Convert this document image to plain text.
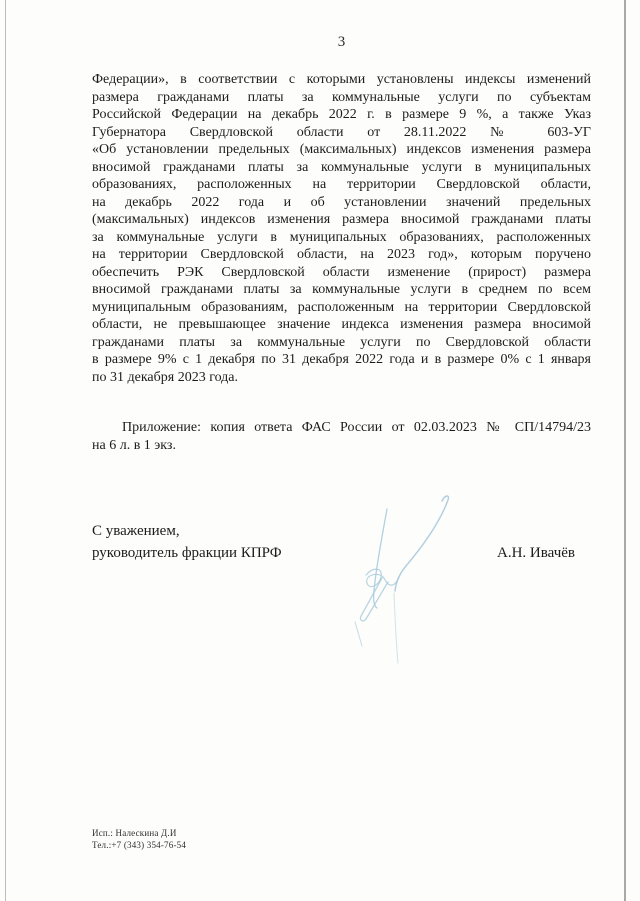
3
Федерации», в соответствии с которыми установлены индексы изменений
размера гражданами платы за коммунальные услуги по субъектам
Российской Федерации на декабрь 2022 г. в размере 9 %, а также Указ
Губернатора Свердловской области от 28.11.2022 № 603-УГ
«Об установлении предельных (максимальных) индексов изменения размера
вносимой гражданами платы за коммунальные услуги в муниципальных
образованиях, расположенных на территории Свердловской области,
на декабрь 2022 года и об установлении значений предельных
(максимальных) индексов изменения размера вносимой гражданами платы
за коммунальные услуги в муниципальных образованиях, расположенных
на территории Свердловской области, на 2023 год», которым поручено
обеспечить РЭК Свердловской области изменение (прирост) размера
вносимой гражданами платы за коммунальные услуги в среднем по всем
муниципальным образованиям, расположенным на территории Свердловской
области, не превышающее значение индекса изменения размера вносимой
гражданами платы за коммунальные услуги по Свердловской области
в размере 9% с 1 декабря по 31 декабря 2022 года и в размере 0% с 1 января
по 31 декабря 2023 года.
Приложение: копия ответа ФАС России от 02.03.2023 № СП/14794/23
на 6 л. в 1 экз.
С уважением,
руководитель фракции КПРФ	А.Н. Ивачёв
Исп.: Налескина Д.И
Тел.:+7 (343) 354-76-54
